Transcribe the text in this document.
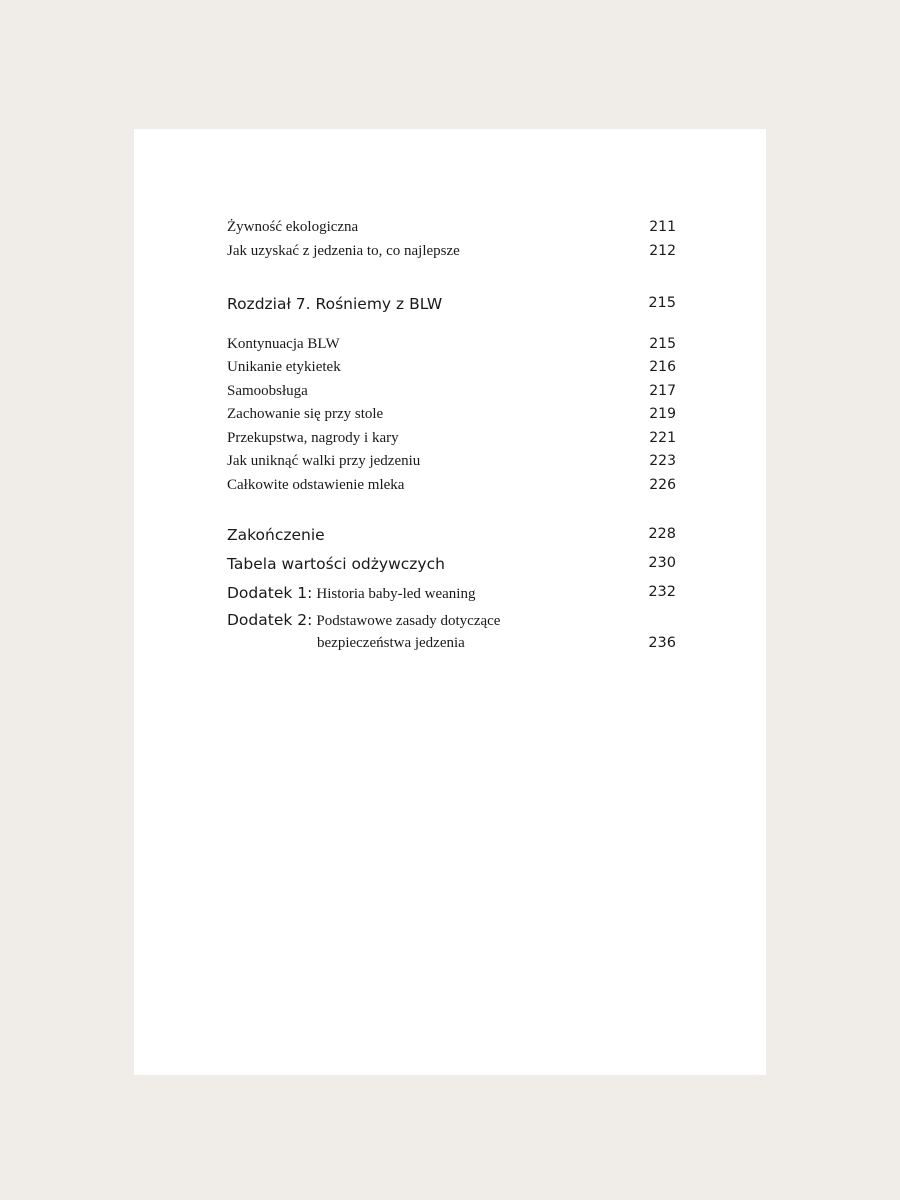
Żywność ekologiczna	211
Jak uzyskać z jedzenia to, co najlepsze	212
Rozdział 7. Rośniemy z BLW	215
Kontynuacja BLW	215
Unikanie etykietek	216
Samoobsługa	217
Zachowanie się przy stole	219
Przekupstwa, nagrody i kary	221
Jak uniknąć walki przy jedzeniu	223
Całkowite odstawienie mleka	226
Zakończenie	228
Tabela wartości odżywczych	230
Dodatek 1: Historia baby-led weaning	232
Dodatek 2: Podstawowe zasady dotyczące
bezpieczeństwa jedzenia	236
